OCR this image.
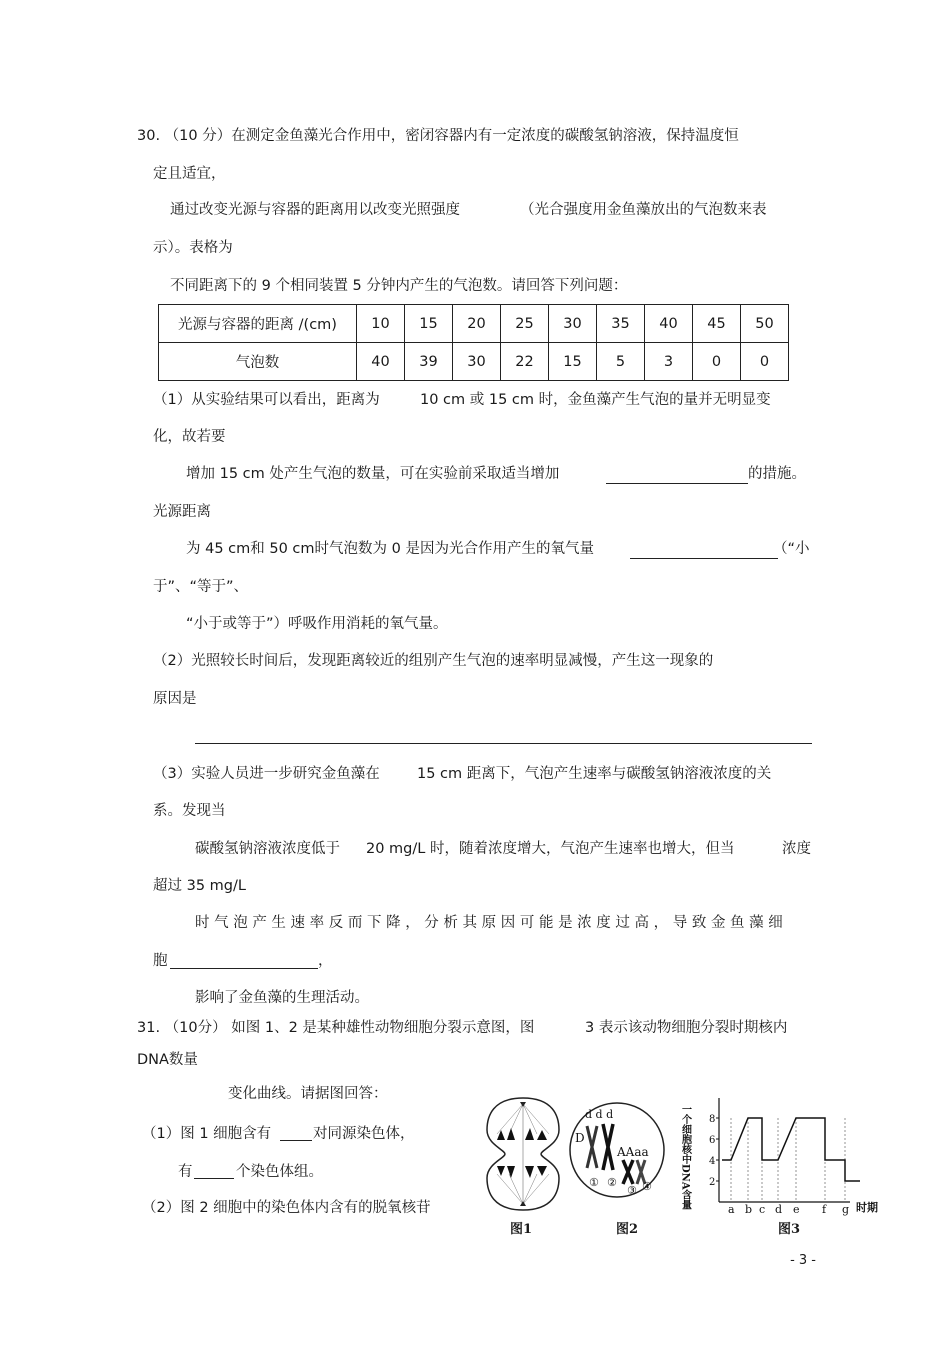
30. （10 分）在测定金鱼藻光合作用中，密闭容器内有一定浓度的碳酸氢钠溶液，保持温度恒
定且适宜，
通过改变光源与容器的距离用以改变光照强度	（光合强度用金鱼藻放出的气泡数来表
示）。表格为
不同距离下的 9 个相同装置 5 分钟内产生的气泡数。请回答下列问题：
光源与容器的距离 /(cm)	10	15	20	25	30	35	40	45	50
气泡数	40	39	30	22	15	5	3	0	0
（1）从实验结果可以看出，距离为	10 cm 或 15 cm 时，金鱼藻产生气泡的量并无明显变
化，故若要
增加 15 cm 处产生气泡的数量，可在实验前采取适当增加	的措施。
光源距离
为 45 cm和 50 cm时气泡数为 0 是因为光合作用产生的氧气量	（“小
于”、“等于”、
“小于或等于”）呼吸作用消耗的氧气量。
（2）光照较长时间后，发现距离较近的组别产生气泡的速率明显减慢，产生这一现象的
原因是
（3）实验人员进一步研究金鱼藻在	15 cm 距离下，气泡产生速率与碳酸氢钠溶液浓度的关
系。发现当
碳酸氢钠溶液浓度低于 20 mg/L 时，随着浓度增大，气泡产生速率也增大，但当	浓度
超过 35 mg/L
时 气 泡 产 生 速 率 反 而 下 降 ， 分 析 其 原 因 可 能 是 浓 度 过 高 ， 导 致 金 鱼 藻 细
胞	，
影响了金鱼藻的生理活动。
31. （10分） 如图 1、2 是某种雄性动物细胞分裂示意图，图	3 表示该动物细胞分裂时期核内
DNA数量
变化曲线。请据图回答：
（1）图 1 细胞含有	对同源染色体，
有	个染色体组。
（2）图 2 细胞中的染色体内含有的脱氧核苷
图1
d d d
D
AAaa
① ②
③ ④
图2
一个细胞核中DNA含量 8
6
4
2
a b c d e f g 时期
图3
- 3 -
